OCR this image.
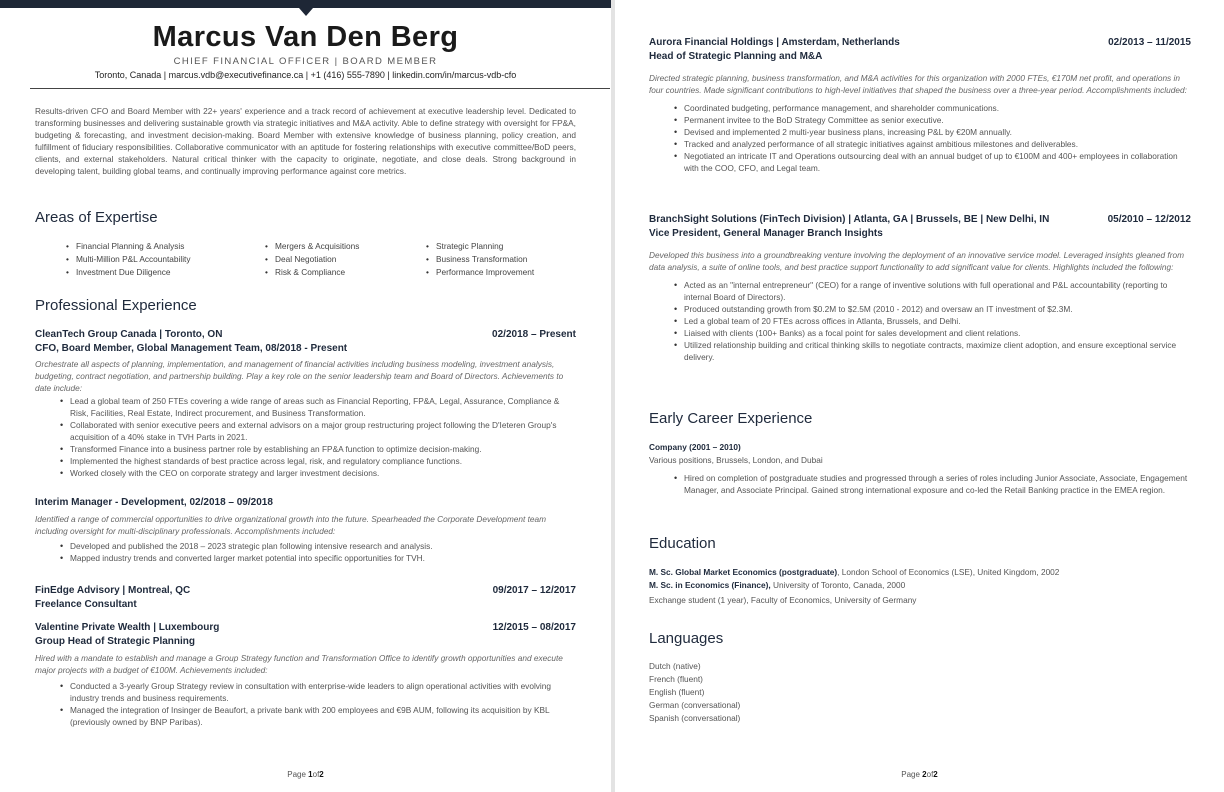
Marcus Van Den Berg
CHIEF FINANCIAL OFFICER | BOARD MEMBER
Toronto, Canada | marcus.vdb@executivefinance.ca | +1 (416) 555-7890 | linkedin.com/in/marcus-vdb-cfo
Results-driven CFO and Board Member with 22+ years' experience and a track record of achievement at executive leadership level. Dedicated to transforming businesses and delivering sustainable growth via strategic initiatives and M&A activity. Able to define strategy with oversight for FP&A, budgeting & forecasting, and investment decision-making. Board Member with extensive knowledge of business planning, policy creation, and fulfillment of fiduciary responsibilities. Collaborative communicator with an aptitude for fostering relationships with executive committee/BoD peers, clients, and external stakeholders. Natural critical thinker with the capacity to originate, negotiate, and close deals. Strong background in developing talent, building global teams, and continually improving performance against core metrics.
Areas of Expertise
• Financial Planning & Analysis
• Multi-Million P&L Accountability
• Investment Due Diligence
• Mergers & Acquisitions
• Deal Negotiation
• Risk & Compliance
• Strategic Planning
• Business Transformation
• Performance Improvement
Professional Experience
CleanTech Group Canada | Toronto, ON	02/2018 – Present
CFO, Board Member, Global Management Team, 08/2018 - Present
Orchestrate all aspects of planning, implementation, and management of financial activities including business modeling, investment analysis, budgeting, contract negotiation, and partnership building. Play a key role on the senior leadership team and Board of Directors. Achievements to date include:
• Lead a global team of 250 FTEs covering a wide range of areas such as Financial Reporting, FP&A, Legal, Assurance, Compliance & Risk, Facilities, Real Estate, Indirect procurement, and Business Transformation.
• Collaborated with senior executive peers and external advisors on a major group restructuring project following the D'Ieteren Group's acquisition of a 40% stake in TVH Parts in 2021.
• Transformed Finance into a business partner role by establishing an FP&A function to optimize decision-making.
• Implemented the highest standards of best practice across legal, risk, and regulatory compliance functions.
• Worked closely with the CEO on corporate strategy and larger investment decisions.
Interim Manager - Development, 02/2018 – 09/2018
Identified a range of commercial opportunities to drive organizational growth into the future. Spearheaded the Corporate Development team including oversight for multi-disciplinary professionals. Accomplishments included:
• Developed and published the 2018 – 2023 strategic plan following intensive research and analysis.
• Mapped industry trends and converted larger market potential into specific opportunities for TVH.
FinEdge Advisory | Montreal, QC	09/2017 – 12/2017
Freelance Consultant
Valentine Private Wealth | Luxembourg	12/2015 – 08/2017
Group Head of Strategic Planning
Hired with a mandate to establish and manage a Group Strategy function and Transformation Office to identify growth opportunities and execute major projects with a budget of €100M. Achievements included:
• Conducted a 3-yearly Group Strategy review in consultation with enterprise-wide leaders to align operational activities with evolving industry trends and business requirements.
• Managed the integration of Insinger de Beaufort, a private bank with 200 employees and €9B AUM, following its acquisition by KBL (previously owned by BNP Paribas).
Page 1of2
Aurora Financial Holdings | Amsterdam, Netherlands	02/2013 – 11/2015
Head of Strategic Planning and M&A
Directed strategic planning, business transformation, and M&A activities for this organization with 2000 FTEs, €170M net profit, and operations in four countries. Made significant contributions to high-level initiatives that shaped the business over a three-year period. Accomplishments included:
• Coordinated budgeting, performance management, and shareholder communications.
• Permanent invitee to the BoD Strategy Committee as senior executive.
• Devised and implemented 2 multi-year business plans, increasing P&L by €20M annually.
• Tracked and analyzed performance of all strategic initiatives against ambitious milestones and deliverables.
• Negotiated an intricate IT and Operations outsourcing deal with an annual budget of up to €100M and 400+ employees in collaboration with the COO, CFO, and Legal team.
BranchSight Solutions (FinTech Division) | Atlanta, GA | Brussels, BE | New Delhi, IN	05/2010 – 12/2012
Vice President, General Manager Branch Insights
Developed this business into a groundbreaking venture involving the deployment of an innovative service model. Leveraged insights gleaned from data analysis, a suite of online tools, and best practice support functionality to add significant value for clients. Highlights included the following:
• Acted as an "internal entrepreneur" (CEO) for a range of inventive solutions with full operational and P&L accountability (reporting to internal Board of Directors).
• Produced outstanding growth from $0.2M to $2.5M (2010 - 2012) and oversaw an IT investment of $2.3M.
• Led a global team of 20 FTEs across offices in Atlanta, Brussels, and Delhi.
• Liaised with clients (100+ Banks) as a focal point for sales development and client relations.
• Utilized relationship building and critical thinking skills to negotiate contracts, maximize client adoption, and ensure exceptional service delivery.
Early Career Experience
Company (2001 – 2010)
Various positions, Brussels, London, and Dubai
• Hired on completion of postgraduate studies and progressed through a series of roles including Junior Associate, Associate, Engagement Manager, and Associate Principal. Gained strong international exposure and co-led the Retail Banking practice in the EMEA region.
Education
M. Sc. Global Market Economics (postgraduate), London School of Economics (LSE), United Kingdom, 2002
M. Sc. in Economics (Finance), University of Toronto, Canada, 2000
Exchange student (1 year), Faculty of Economics, University of Germany
Languages
Dutch (native)
French (fluent)
English (fluent)
German (conversational)
Spanish (conversational)
Page 2of2
